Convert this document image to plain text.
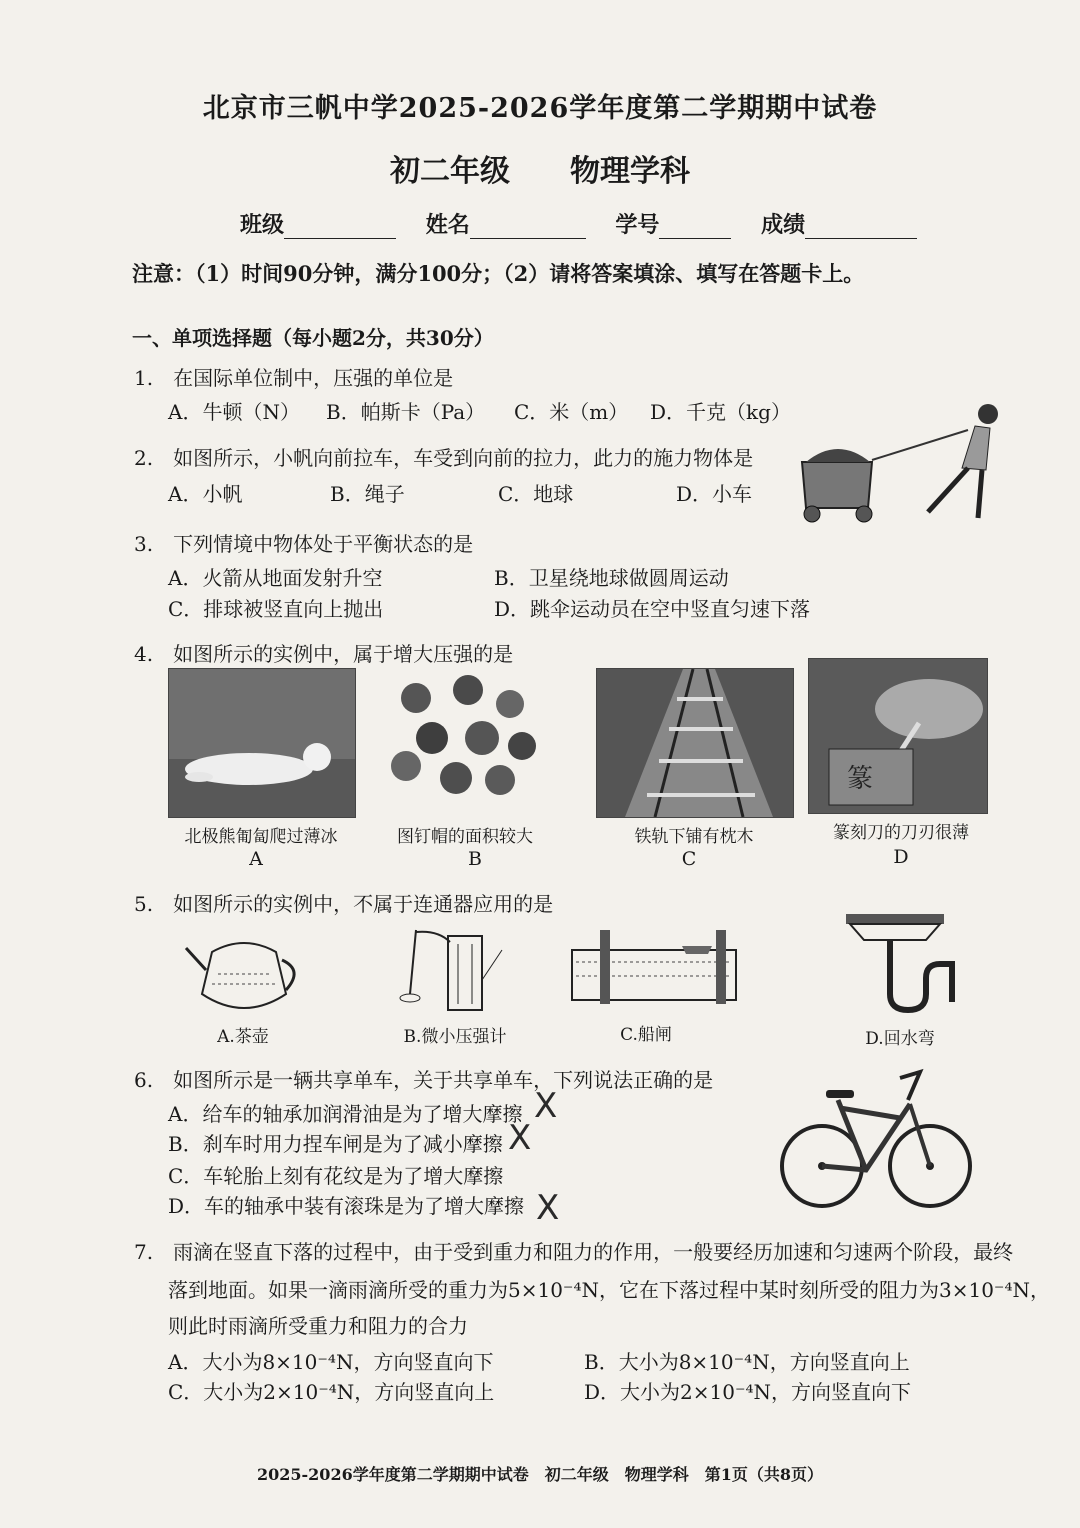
北京市三帆中学2025-2026学年度第二学期期中试卷
初二年级 物理学科
班级	姓名	学号	成绩
注意：（1）时间90分钟，满分100分；（2）请将答案填涂、填写在答题卡上。
一、单项选择题（每小题2分，共30分）
1.　在国际单位制中，压强的单位是
A．牛顿（N） B．帕斯卡（Pa） C．米（m） D．千克（kg）
2.　如图所示，小帆向前拉车，车受到向前的拉力，此力的施力物体是
A．小帆	B．绳子	C．地球	D．小车
3.　下列情境中物体处于平衡状态的是
A．火箭从地面发射升空	B．卫星绕地球做圆周运动
C．排球被竖直向上抛出	D．跳伞运动员在空中竖直匀速下落
4.　如图所示的实例中，属于增大压强的是
篆
北极熊匍匐爬过薄冰	图钉帽的面积较大	铁轨下铺有枕木	篆刻刀的刀刃很薄
A	B	C	D
5.　如图所示的实例中，不属于连通器应用的是
A.茶壶	B.微小压强计	C.船闸	D.回水弯
6.　如图所示是一辆共享单车，关于共享单车，下列说法正确的是
A．给车的轴承加润滑油是为了增大摩擦
B．刹车时用力捏车闸是为了减小摩擦
C．车轮胎上刻有花纹是为了增大摩擦
D．车的轴承中装有滚珠是为了增大摩擦
X
X
X
7.　雨滴在竖直下落的过程中，由于受到重力和阻力的作用，一般要经历加速和匀速两个阶段，最终
落到地面。如果一滴雨滴所受的重力为5×10⁻⁴N，它在下落过程中某时刻所受的阻力为3×10⁻⁴N，
则此时雨滴所受重力和阻力的合力
A．大小为8×10⁻⁴N，方向竖直向下	B．大小为8×10⁻⁴N，方向竖直向上
C．大小为2×10⁻⁴N，方向竖直向上	D．大小为2×10⁻⁴N，方向竖直向下
2025-2026学年度第二学期期中试卷　初二年级　物理学科　第1页（共8页）
